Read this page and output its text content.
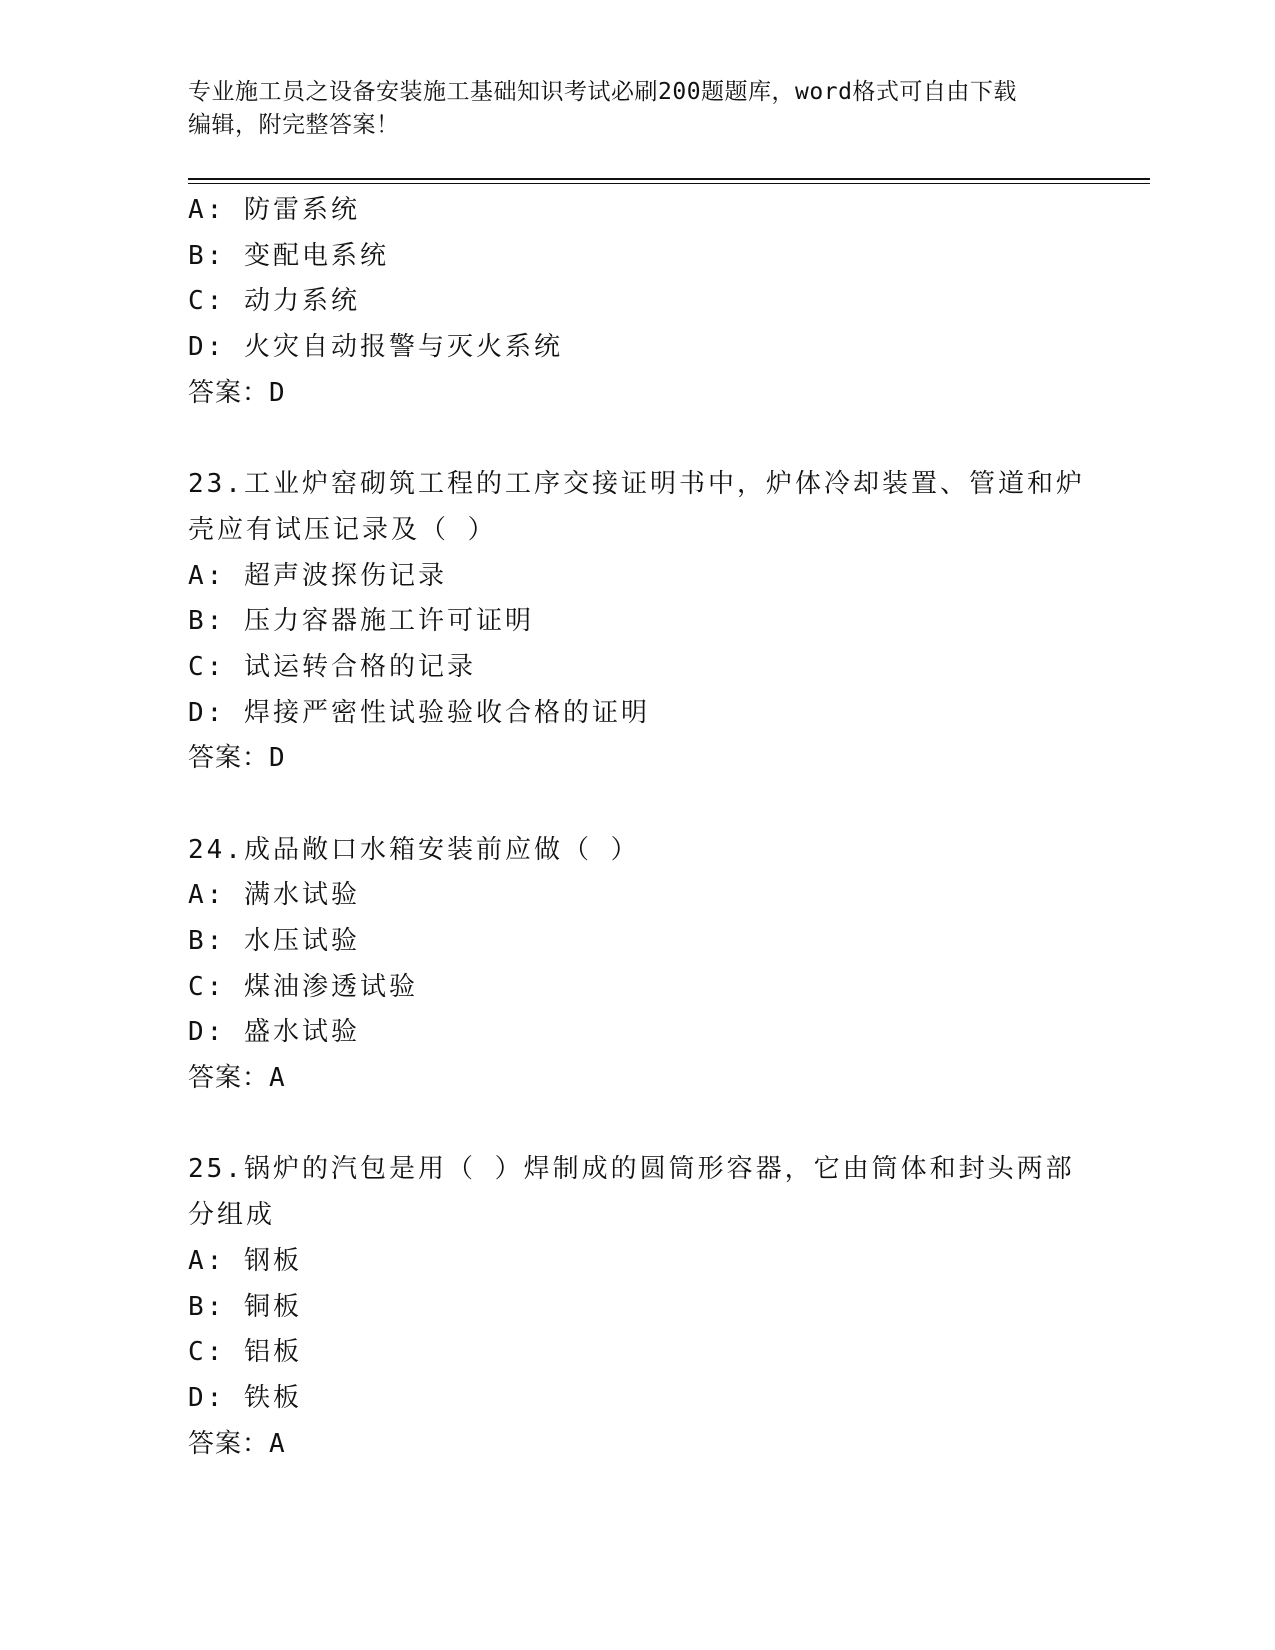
专业施工员之设备安装施工基础知识考试必刷200题题库，word格式可自由下载
编辑，附完整答案！
A: 防雷系统
B: 变配电系统
C: 动力系统
D: 火灾自动报警与灭火系统
答案：D
23.工业炉窑砌筑工程的工序交接证明书中，炉体冷却装置、管道和炉
壳应有试压记录及（ ）
A: 超声波探伤记录
B: 压力容器施工许可证明
C: 试运转合格的记录
D: 焊接严密性试验验收合格的证明
答案：D
24.成品敞口水箱安装前应做（ ）
A: 满水试验
B: 水压试验
C: 煤油渗透试验
D: 盛水试验
答案：A
25.锅炉的汽包是用（ ）焊制成的圆筒形容器，它由筒体和封头两部
分组成
A: 钢板
B: 铜板
C: 铝板
D: 铁板
答案：A
